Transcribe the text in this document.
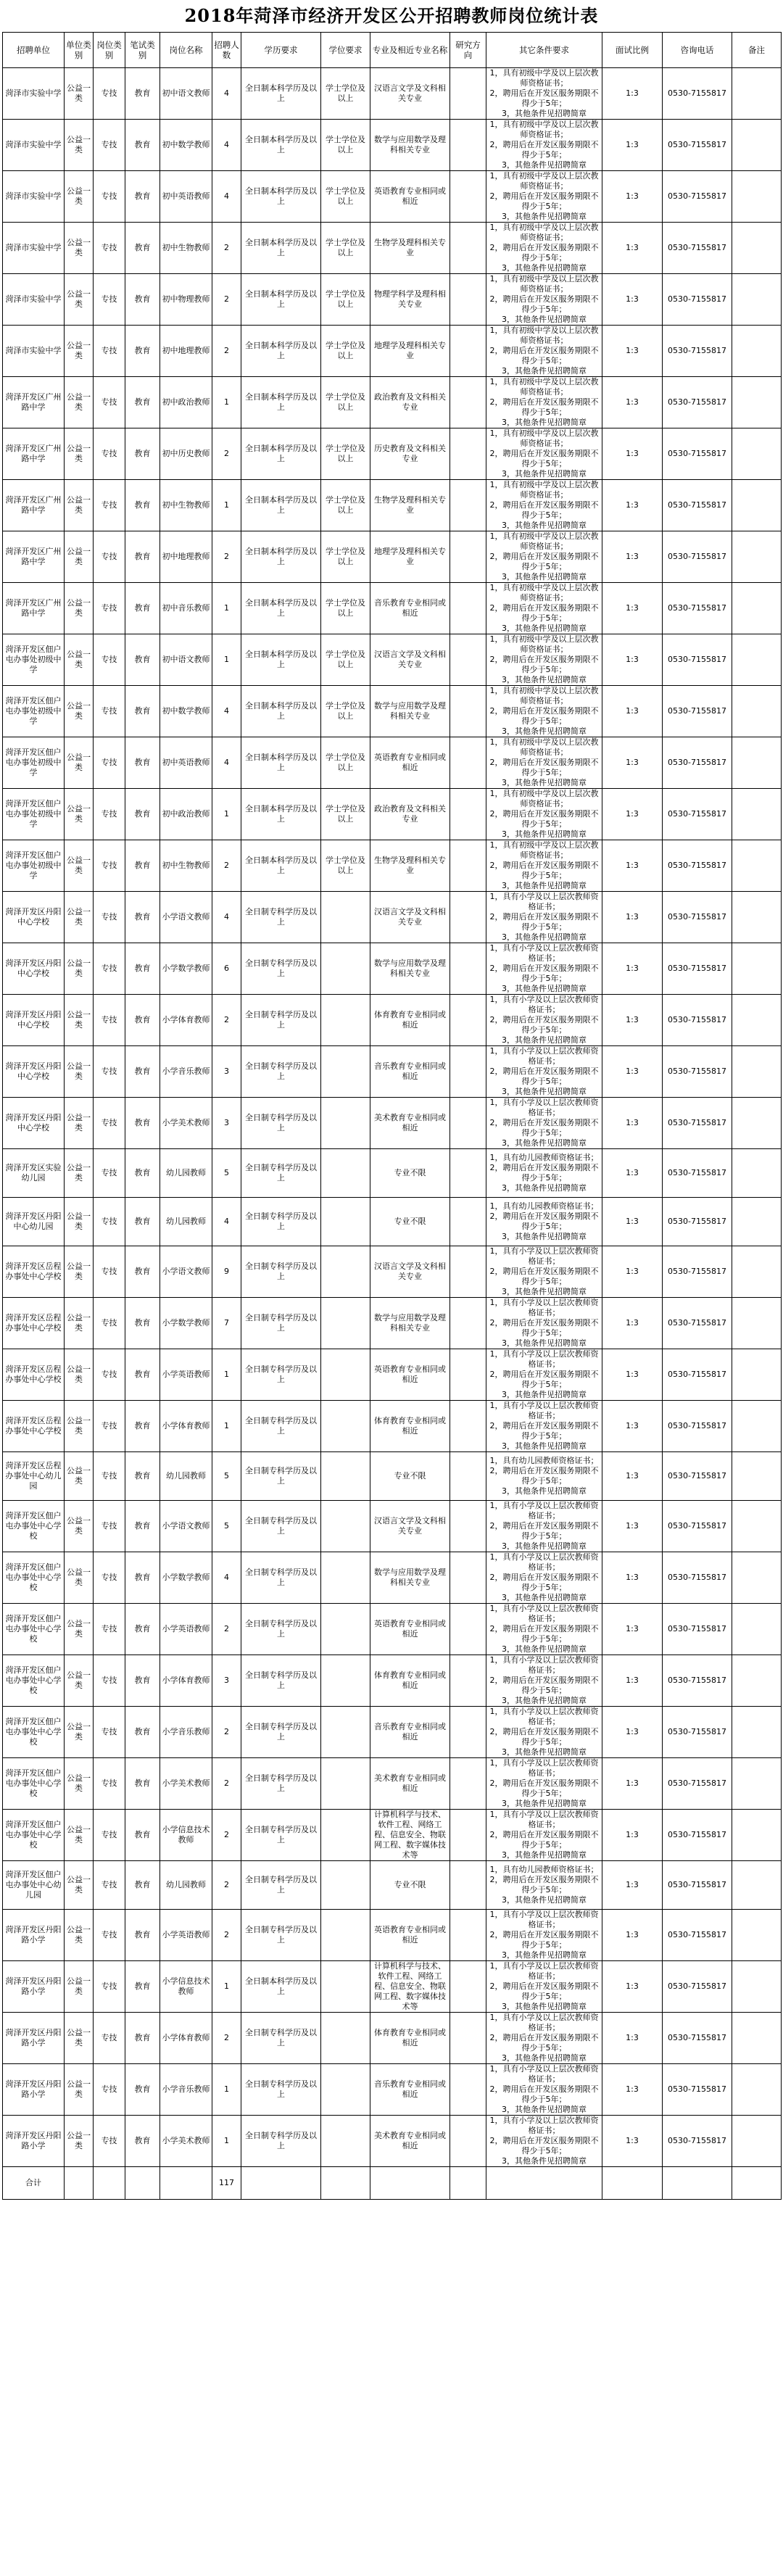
2018年菏泽市经济开发区公开招聘教师岗位统计表
招聘单位	单位类别	岗位类别	笔试类别	岗位名称	招聘人数	学历要求	学位要求	专业及相近专业名称	研究方向	其它条件要求	面试比例	咨询电话	备注
菏泽市实验中学	公益一类	专技	教育	初中语文教师	4	全日制本科学历及以上	学士学位及以上	汉语言文学及文科相关专业		1，具有初级中学及以上层次教师资格证书；
2，聘用后在开发区服务期限不得少于5年；
3，其他条件见招聘简章	1:3	0530-7155817	
菏泽市实验中学	公益一类	专技	教育	初中数学教师	4	全日制本科学历及以上	学士学位及以上	数学与应用数学及理科相关专业		1，具有初级中学及以上层次教师资格证书；
2，聘用后在开发区服务期限不得少于5年；
3，其他条件见招聘简章	1:3	0530-7155817	
菏泽市实验中学	公益一类	专技	教育	初中英语教师	4	全日制本科学历及以上	学士学位及以上	英语教育专业相同或相近		1，具有初级中学及以上层次教师资格证书；
2，聘用后在开发区服务期限不得少于5年；
3，其他条件见招聘简章	1:3	0530-7155817	
菏泽市实验中学	公益一类	专技	教育	初中生物教师	2	全日制本科学历及以上	学士学位及以上	生物学及理科相关专业		1，具有初级中学及以上层次教师资格证书；
2，聘用后在开发区服务期限不得少于5年；
3，其他条件见招聘简章	1:3	0530-7155817	
菏泽市实验中学	公益一类	专技	教育	初中物理教师	2	全日制本科学历及以上	学士学位及以上	物理学科学及理科相关专业		1，具有初级中学及以上层次教师资格证书；
2，聘用后在开发区服务期限不得少于5年；
3，其他条件见招聘简章	1:3	0530-7155817	
菏泽市实验中学	公益一类	专技	教育	初中地理教师	2	全日制本科学历及以上	学士学位及以上	地理学及理科相关专业		1，具有初级中学及以上层次教师资格证书；
2，聘用后在开发区服务期限不得少于5年；
3，其他条件见招聘简章	1:3	0530-7155817	
菏泽开发区广州路中学	公益一类	专技	教育	初中政治教师	1	全日制本科学历及以上	学士学位及以上	政治教育及文科相关专业		1，具有初级中学及以上层次教师资格证书；
2，聘用后在开发区服务期限不得少于5年；
3，其他条件见招聘简章	1:3	0530-7155817	
菏泽开发区广州路中学	公益一类	专技	教育	初中历史教师	2	全日制本科学历及以上	学士学位及以上	历史教育及文科相关专业		1，具有初级中学及以上层次教师资格证书；
2，聘用后在开发区服务期限不得少于5年；
3，其他条件见招聘简章	1:3	0530-7155817	
菏泽开发区广州路中学	公益一类	专技	教育	初中生物教师	1	全日制本科学历及以上	学士学位及以上	生物学及理科相关专业		1，具有初级中学及以上层次教师资格证书；
2，聘用后在开发区服务期限不得少于5年；
3，其他条件见招聘简章	1:3	0530-7155817	
菏泽开发区广州路中学	公益一类	专技	教育	初中地理教师	2	全日制本科学历及以上	学士学位及以上	地理学及理科相关专业		1，具有初级中学及以上层次教师资格证书；
2，聘用后在开发区服务期限不得少于5年；
3，其他条件见招聘简章	1:3	0530-7155817	
菏泽开发区广州路中学	公益一类	专技	教育	初中音乐教师	1	全日制本科学历及以上	学士学位及以上	音乐教育专业相同或相近		1，具有初级中学及以上层次教师资格证书；
2，聘用后在开发区服务期限不得少于5年；
3，其他条件见招聘简章	1:3	0530-7155817	
菏泽开发区佃户屯办事处初级中学	公益一类	专技	教育	初中语文教师	1	全日制本科学历及以上	学士学位及以上	汉语言文学及文科相关专业		1，具有初级中学及以上层次教师资格证书；
2，聘用后在开发区服务期限不得少于5年；
3，其他条件见招聘简章	1:3	0530-7155817	
菏泽开发区佃户屯办事处初级中学	公益一类	专技	教育	初中数学教师	4	全日制本科学历及以上	学士学位及以上	数学与应用数学及理科相关专业		1，具有初级中学及以上层次教师资格证书；
2，聘用后在开发区服务期限不得少于5年；
3，其他条件见招聘简章	1:3	0530-7155817	
菏泽开发区佃户屯办事处初级中学	公益一类	专技	教育	初中英语教师	4	全日制本科学历及以上	学士学位及以上	英语教育专业相同或相近		1，具有初级中学及以上层次教师资格证书；
2，聘用后在开发区服务期限不得少于5年；
3，其他条件见招聘简章	1:3	0530-7155817	
菏泽开发区佃户屯办事处初级中学	公益一类	专技	教育	初中政治教师	1	全日制本科学历及以上	学士学位及以上	政治教育及文科相关专业		1，具有初级中学及以上层次教师资格证书；
2，聘用后在开发区服务期限不得少于5年；
3，其他条件见招聘简章	1:3	0530-7155817	
菏泽开发区佃户屯办事处初级中学	公益一类	专技	教育	初中生物教师	2	全日制本科学历及以上	学士学位及以上	生物学及理科相关专业		1，具有初级中学及以上层次教师资格证书；
2，聘用后在开发区服务期限不得少于5年；
3，其他条件见招聘简章	1:3	0530-7155817	
菏泽开发区丹阳中心学校	公益一类	专技	教育	小学语文教师	4	全日制专科学历及以上		汉语言文学及文科相关专业		1，具有小学及以上层次教师资格证书；
2，聘用后在开发区服务期限不得少于5年；
3，其他条件见招聘简章	1:3	0530-7155817	
菏泽开发区丹阳中心学校	公益一类	专技	教育	小学数学教师	6	全日制专科学历及以上		数学与应用数学及理科相关专业		1，具有小学及以上层次教师资格证书；
2，聘用后在开发区服务期限不得少于5年；
3，其他条件见招聘简章	1:3	0530-7155817	
菏泽开发区丹阳中心学校	公益一类	专技	教育	小学体育教师	2	全日制专科学历及以上		体育教育专业相同或相近		1，具有小学及以上层次教师资格证书；
2，聘用后在开发区服务期限不得少于5年；
3，其他条件见招聘简章	1:3	0530-7155817	
菏泽开发区丹阳中心学校	公益一类	专技	教育	小学音乐教师	3	全日制专科学历及以上		音乐教育专业相同或相近		1，具有小学及以上层次教师资格证书；
2，聘用后在开发区服务期限不得少于5年；
3，其他条件见招聘简章	1:3	0530-7155817	
菏泽开发区丹阳中心学校	公益一类	专技	教育	小学美术教师	3	全日制专科学历及以上		美术教育专业相同或相近		1，具有小学及以上层次教师资格证书；
2，聘用后在开发区服务期限不得少于5年；
3，其他条件见招聘简章	1:3	0530-7155817	
菏泽开发区实验幼儿园	公益一类	专技	教育	幼儿园教师	5	全日制专科学历及以上		专业不限		1，具有幼儿园教师资格证书；
2，聘用后在开发区服务期限不得少于5年；
3，其他条件见招聘简章	1:3	0530-7155817	
菏泽开发区丹阳中心幼儿园	公益一类	专技	教育	幼儿园教师	4	全日制专科学历及以上		专业不限		1，具有幼儿园教师资格证书；
2，聘用后在开发区服务期限不得少于5年；
3，其他条件见招聘简章	1:3	0530-7155817	
菏泽开发区岳程办事处中心学校	公益一类	专技	教育	小学语文教师	9	全日制专科学历及以上		汉语言文学及文科相关专业		1，具有小学及以上层次教师资格证书；
2，聘用后在开发区服务期限不得少于5年；
3，其他条件见招聘简章	1:3	0530-7155817	
菏泽开发区岳程办事处中心学校	公益一类	专技	教育	小学数学教师	7	全日制专科学历及以上		数学与应用数学及理科相关专业		1，具有小学及以上层次教师资格证书；
2，聘用后在开发区服务期限不得少于5年；
3，其他条件见招聘简章	1:3	0530-7155817	
菏泽开发区岳程办事处中心学校	公益一类	专技	教育	小学英语教师	1	全日制专科学历及以上		英语教育专业相同或相近		1，具有小学及以上层次教师资格证书；
2，聘用后在开发区服务期限不得少于5年；
3，其他条件见招聘简章	1:3	0530-7155817	
菏泽开发区岳程办事处中心学校	公益一类	专技	教育	小学体育教师	1	全日制专科学历及以上		体育教育专业相同或相近		1，具有小学及以上层次教师资格证书；
2，聘用后在开发区服务期限不得少于5年；
3，其他条件见招聘简章	1:3	0530-7155817	
菏泽开发区岳程办事处中心幼儿园	公益一类	专技	教育	幼儿园教师	5	全日制专科学历及以上		专业不限		1，具有幼儿园教师资格证书；
2，聘用后在开发区服务期限不得少于5年；
3，其他条件见招聘简章	1:3	0530-7155817	
菏泽开发区佃户屯办事处中心学校	公益一类	专技	教育	小学语文教师	5	全日制专科学历及以上		汉语言文学及文科相关专业		1，具有小学及以上层次教师资格证书；
2，聘用后在开发区服务期限不得少于5年；
3，其他条件见招聘简章	1:3	0530-7155817	
菏泽开发区佃户屯办事处中心学校	公益一类	专技	教育	小学数学教师	4	全日制专科学历及以上		数学与应用数学及理科相关专业		1，具有小学及以上层次教师资格证书；
2，聘用后在开发区服务期限不得少于5年；
3，其他条件见招聘简章	1:3	0530-7155817	
菏泽开发区佃户屯办事处中心学校	公益一类	专技	教育	小学英语教师	2	全日制专科学历及以上		英语教育专业相同或相近		1，具有小学及以上层次教师资格证书；
2，聘用后在开发区服务期限不得少于5年；
3，其他条件见招聘简章	1:3	0530-7155817	
菏泽开发区佃户屯办事处中心学校	公益一类	专技	教育	小学体育教师	3	全日制专科学历及以上		体育教育专业相同或相近		1，具有小学及以上层次教师资格证书；
2，聘用后在开发区服务期限不得少于5年；
3，其他条件见招聘简章	1:3	0530-7155817	
菏泽开发区佃户屯办事处中心学校	公益一类	专技	教育	小学音乐教师	2	全日制专科学历及以上		音乐教育专业相同或相近		1，具有小学及以上层次教师资格证书；
2，聘用后在开发区服务期限不得少于5年；
3，其他条件见招聘简章	1:3	0530-7155817	
菏泽开发区佃户屯办事处中心学校	公益一类	专技	教育	小学美术教师	2	全日制专科学历及以上		美术教育专业相同或相近		1，具有小学及以上层次教师资格证书；
2，聘用后在开发区服务期限不得少于5年；
3，其他条件见招聘简章	1:3	0530-7155817	
菏泽开发区佃户屯办事处中心学校	公益一类	专技	教育	小学信息技术教师	2	全日制专科学历及以上		计算机科学与技术、软件工程、网络工程、信息安全、物联网工程、数字媒体技术等		1，具有小学及以上层次教师资格证书；
2，聘用后在开发区服务期限不得少于5年；
3，其他条件见招聘简章	1:3	0530-7155817	
菏泽开发区佃户屯办事处中心幼儿园	公益一类	专技	教育	幼儿园教师	2	全日制专科学历及以上		专业不限		1，具有幼儿园教师资格证书；
2，聘用后在开发区服务期限不得少于5年；
3，其他条件见招聘简章	1:3	0530-7155817	
菏泽开发区丹阳路小学	公益一类	专技	教育	小学英语教师	2	全日制专科学历及以上		英语教育专业相同或相近		1，具有小学及以上层次教师资格证书；
2，聘用后在开发区服务期限不得少于5年；
3，其他条件见招聘简章	1:3	0530-7155817	
菏泽开发区丹阳路小学	公益一类	专技	教育	小学信息技术教师	1	全日制本科学历及以上		计算机科学与技术、软件工程、网络工程、信息安全、物联网工程、数字媒体技术等		1，具有小学及以上层次教师资格证书；
2，聘用后在开发区服务期限不得少于5年；
3，其他条件见招聘简章	1:3	0530-7155817	
菏泽开发区丹阳路小学	公益一类	专技	教育	小学体育教师	2	全日制专科学历及以上		体育教育专业相同或相近		1，具有小学及以上层次教师资格证书；
2，聘用后在开发区服务期限不得少于5年；
3，其他条件见招聘简章	1:3	0530-7155817	
菏泽开发区丹阳路小学	公益一类	专技	教育	小学音乐教师	1	全日制专科学历及以上		音乐教育专业相同或相近		1，具有小学及以上层次教师资格证书；
2，聘用后在开发区服务期限不得少于5年；
3，其他条件见招聘简章	1:3	0530-7155817	
菏泽开发区丹阳路小学	公益一类	专技	教育	小学美术教师	1	全日制专科学历及以上		美术教育专业相同或相近		1，具有小学及以上层次教师资格证书；
2，聘用后在开发区服务期限不得少于5年；
3，其他条件见招聘简章	1:3	0530-7155817	
合计					117								
